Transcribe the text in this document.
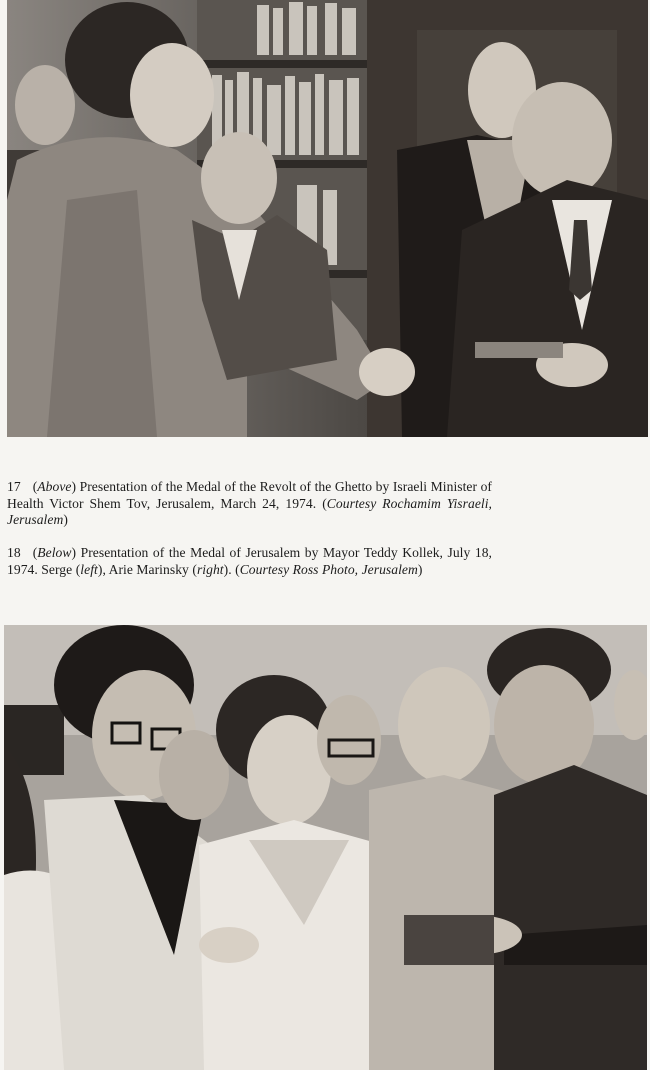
17 (Above) Presentation of the Medal of the Revolt of the Ghetto by Israeli Minister of Health Victor Shem Tov, Jerusalem, March 24, 1974. (Courtesy Rochamim Yisraeli, Jerusalem)
18 (Below) Presentation of the Medal of Jerusalem by Mayor Teddy Kollek, July 18, 1974. Serge (left), Arie Marinsky (right). (Courtesy Ross Photo, Jerusalem)
